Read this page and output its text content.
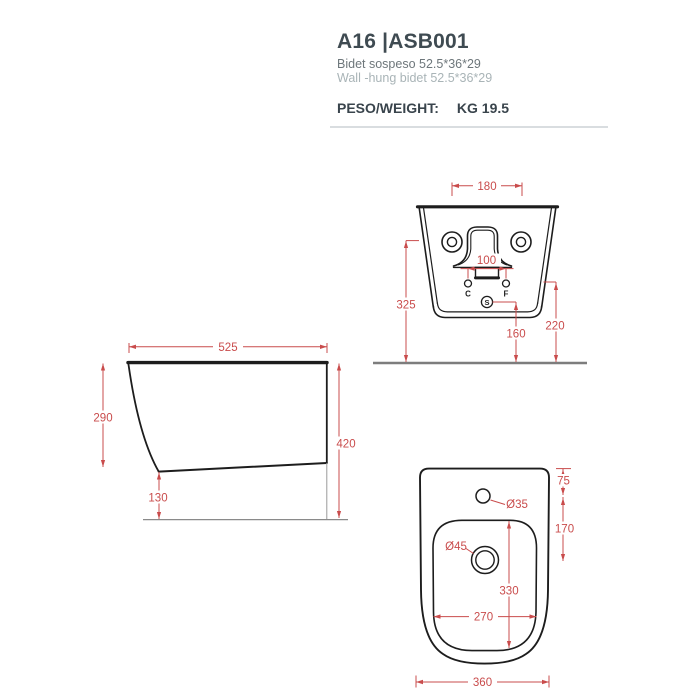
A16 |ASB001
Bidet sospeso 52.5*36*29
Wall -hung bidet 52.5*36*29
PESO/WEIGHT: KG 19.5
C	F
S
180
100
325
160
220
525
290
130
420
Ø35
Ø45
330
270
360
75
170
